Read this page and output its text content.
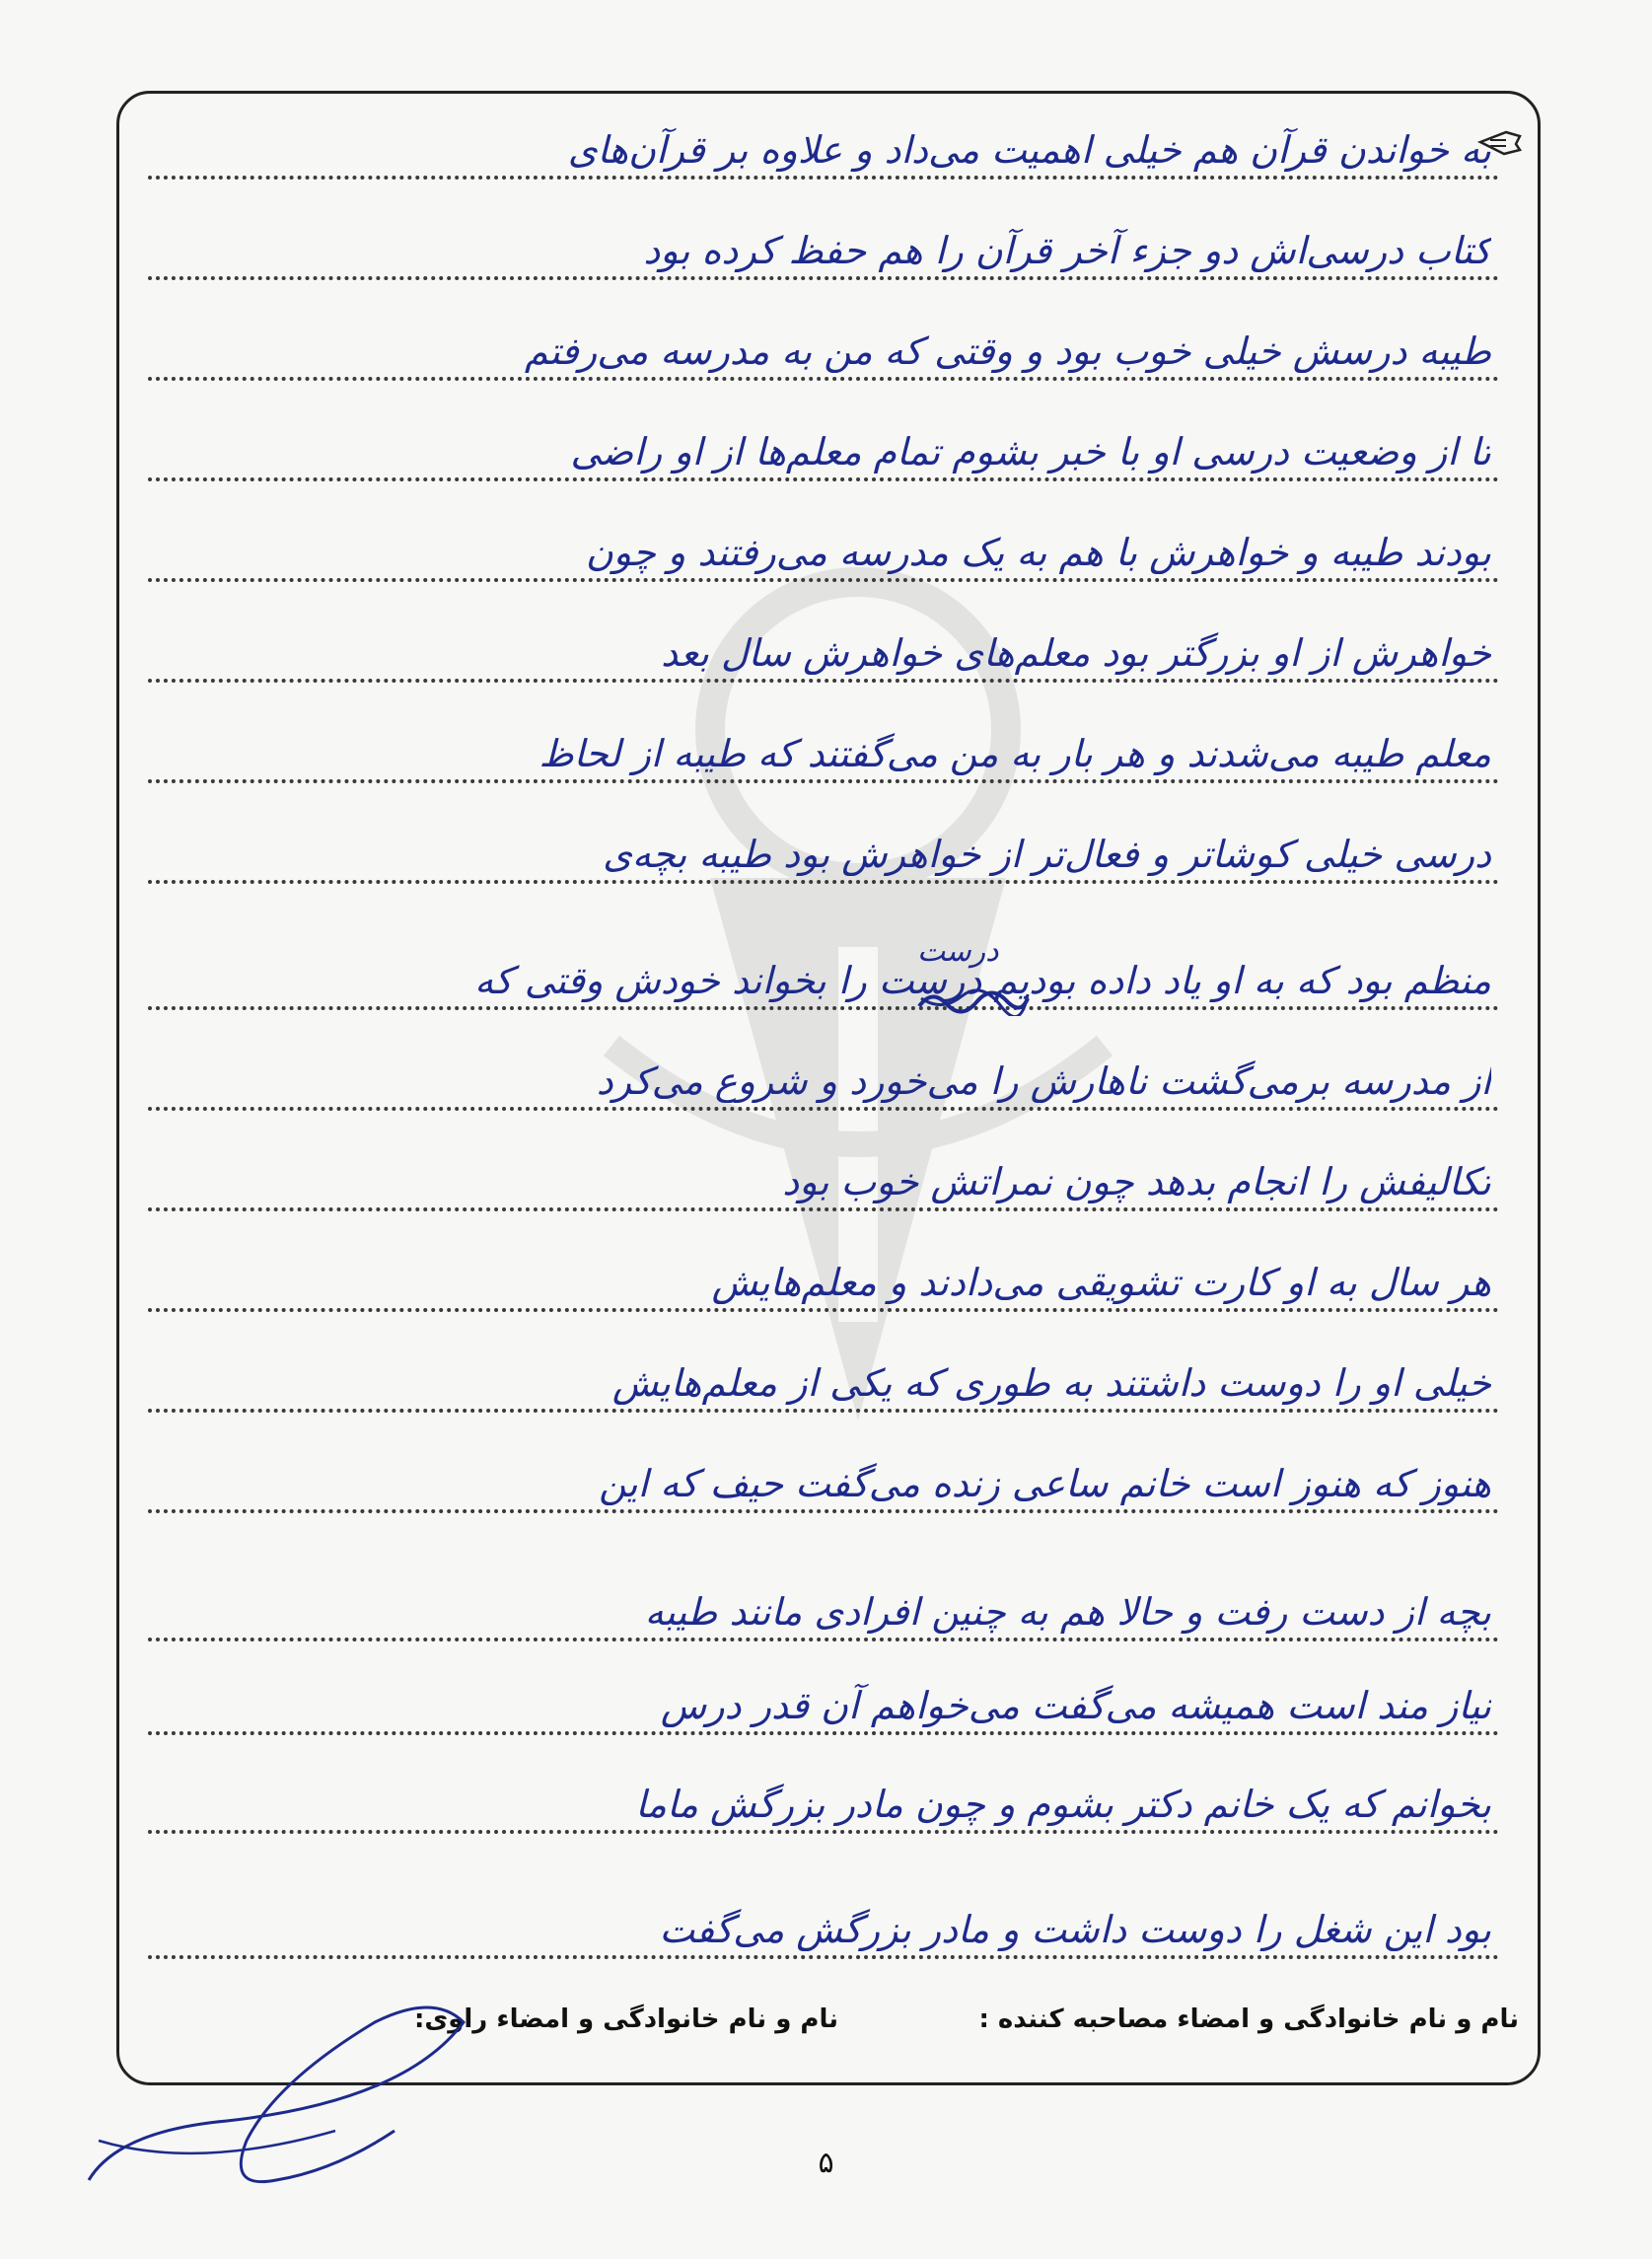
بە خواندن قرآن هم خیلی اهمیت می‌داد و علاوه بر قرآن‌های
کتاب درسی‌اش دو جزء آخر قرآن را هم حفظ کرده بود
طیبه درسش خیلی خوب بود و وقتی که من به مدرسه می‌رفتم
تا از وضعیت درسی او با خبر بشوم تمام معلم‌ها از او راضی
بودند طیبه و خواهرش با هم به یک مدرسه می‌رفتند و چون
خواهرش از او بزرگتر بود معلم‌های خواهرش سال بعد
معلم طیبه می‌شدند و هر بار به من می‌گفتند که طیبه از لحاظ
درسی خیلی کوشاتر و فعال‌تر از خواهرش بود طیبه بچه‌ی
منظم بود که به او یاد داده بودیم درست را بخواند خودش وقتی که
از مدرسه برمی‌گشت ناهارش را می‌خورد و شروع می‌کرد
تکالیفش را انجام بدهد چون نمراتش خوب بود
هر سال به او کارت تشویقی می‌دادند و معلم‌هایش
خیلی او را دوست داشتند به طوری که یکی از معلم‌هایش
هنوز که هنوز است خانم ساعی زنده می‌گفت حیف که این
بچه از دست رفت و حالا هم به چنین افرادی مانند طیبه
نیاز مند است همیشه می‌گفت می‌خواهم آن قدر درس
بخوانم که یک خانم دکتر بشوم و چون مادر بزرگش ماما
بود این شغل را دوست داشت و مادر بزرگش می‌گفت
درست
نام و نام خانوادگی و امضاء مصاحبه کننده :
نام و نام خانوادگی و امضاء راوی:
۵
